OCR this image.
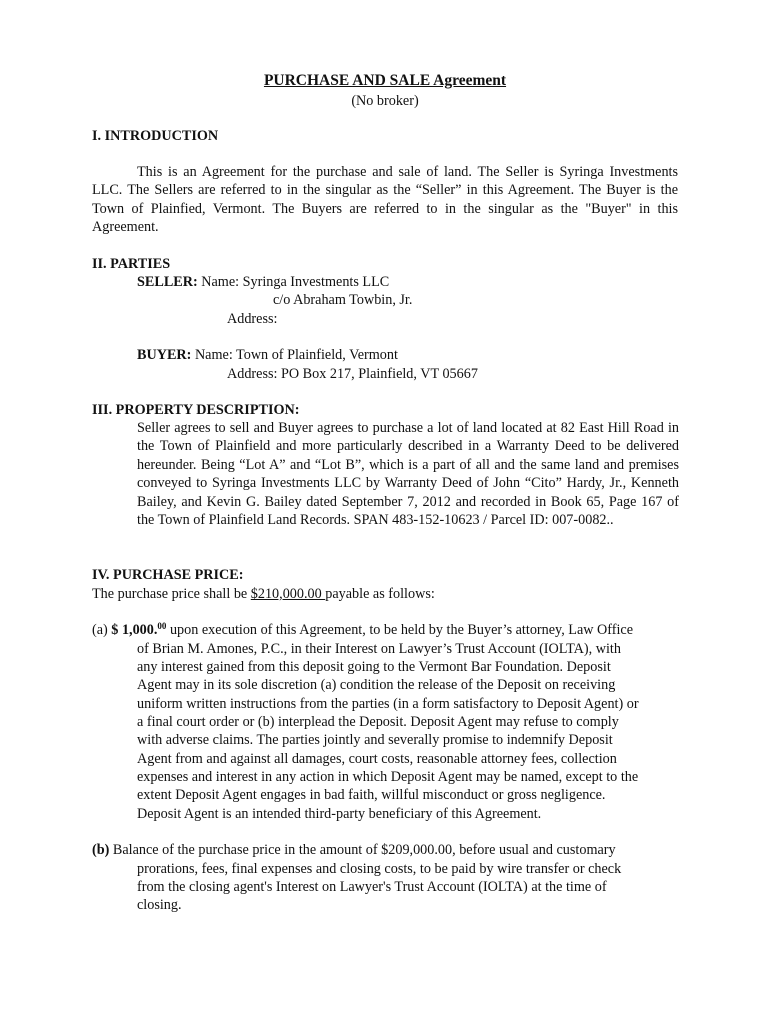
PURCHASE AND SALE Agreement
(No broker)
I. INTRODUCTION
This is an Agreement for the purchase and sale of land. The Seller is Syringa Investments LLC. The Sellers are referred to in the singular as the “Seller” in this Agreement. The Buyer is the Town of Plainfied, Vermont. The Buyers are referred to in the singular as the "Buyer" in this Agreement.
II. PARTIES
SELLER: Name: Syringa Investments LLC
c/o Abraham Towbin, Jr.
Address:
BUYER: Name: Town of Plainfield, Vermont
Address: PO Box 217, Plainfield, VT 05667
III. PROPERTY DESCRIPTION:
Seller agrees to sell and Buyer agrees to purchase a lot of land located at 82 East Hill Road in the Town of Plainfield and more particularly described in a Warranty Deed to be delivered hereunder. Being “Lot A” and “Lot B”, which is a part of all and the same land and premises conveyed to Syringa Investments LLC by Warranty Deed of John “Cito” Hardy, Jr., Kenneth Bailey, and Kevin G. Bailey dated September 7, 2012 and recorded in Book 65, Page 167 of the Town of Plainfield Land Records. SPAN 483-152-10623 / Parcel ID: 007-0082..
IV. PURCHASE PRICE:
The purchase price shall be $210,000.00 payable as follows:
(a) $ 1,000.00 upon execution of this Agreement, to be held by the Buyer’s attorney, Law Office
of Brian M. Amones, P.C., in their Interest on Lawyer’s Trust Account (IOLTA), with
any interest gained from this deposit going to the Vermont Bar Foundation. Deposit
Agent may in its sole discretion (a) condition the release of the Deposit on receiving
uniform written instructions from the parties (in a form satisfactory to Deposit Agent) or
a final court order or (b) interplead the Deposit. Deposit Agent may refuse to comply
with adverse claims. The parties jointly and severally promise to indemnify Deposit
Agent from and against all damages, court costs, reasonable attorney fees, collection
expenses and interest in any action in which Deposit Agent may be named, except to the
extent Deposit Agent engages in bad faith, willful misconduct or gross negligence.
Deposit Agent is an intended third-party beneficiary of this Agreement.
(b) Balance of the purchase price in the amount of $209,000.00, before usual and customary
prorations, fees, final expenses and closing costs, to be paid by wire transfer or check
from the closing agent's Interest on Lawyer's Trust Account (IOLTA) at the time of
closing.
